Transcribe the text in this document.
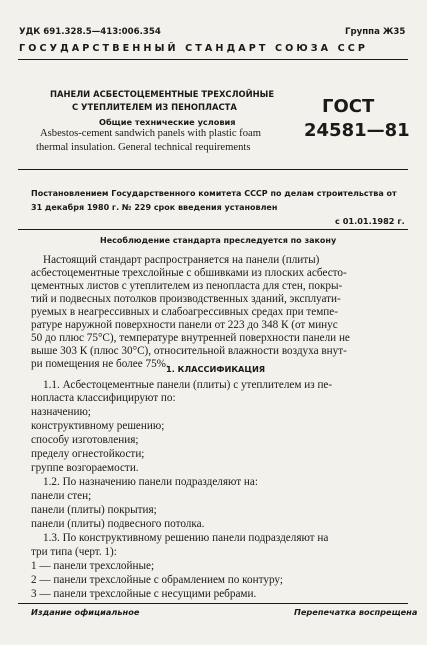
УДК 691.328.5—413:006.354	Группа Ж35
ГОСУДАРСТВЕННЫЙ СТАНДАРТ СОЮЗА ССР
ПАНЕЛИ АСБЕСТОЦЕМЕНТНЫЕ ТРЕХСЛОЙНЫЕ
С УТЕПЛИТЕЛЕМ ИЗ ПЕНОПЛАСТА
Общие технические условия
Asbestos-cement sandwich panels with plastic foam
thermal insulation. General technical requirements
ГОСТ
24581—81
Постановлением Государственного комитета СССР по делам строительства от
31 декабря 1980 г. № 229 срок введения установлен
с 01.01.1982 г.
Несоблюдение стандарта преследуется по закону
Настоящий стандарт распространяется на панели (плиты)
асбестоцементные трехслойные с обшивками из плоских асбесто-
цементных листов с утеплителем из пенопласта для стен, покры-
тий и подвесных потолков производственных зданий, эксплуати-
руемых в неагрессивных и слабоагрессивных средах при темпе-
ратуре наружной поверхности панели от 223 до 348 К (от минус
50 до плюс 75°С), температуре внутренней поверхности панели не
выше 303 К (плюс 30°С), относительной влажности воздуха внут-
ри помещения не более 75%.
1. КЛАССИФИКАЦИЯ
1.1. Асбестоцементные панели (плиты) с утеплителем из пе-
нопласта классифицируют по:
назначению;
конструктивному решению;
способу изготовления;
пределу огнестойкости;
группе возгораемости.
1.2. По назначению панели подразделяют на:
панели стен;
панели (плиты) покрытия;
панели (плиты) подвесного потолка.
1.3. По конструктивному решению панели подразделяют на
три типа (черт. 1):
1 — панели трехслойные;
2 — панели трехслойные с обрамлением по контуру;
3 — панели трехслойные с несущими ребрами.
Издание официальное	Перепечатка воспрещена
